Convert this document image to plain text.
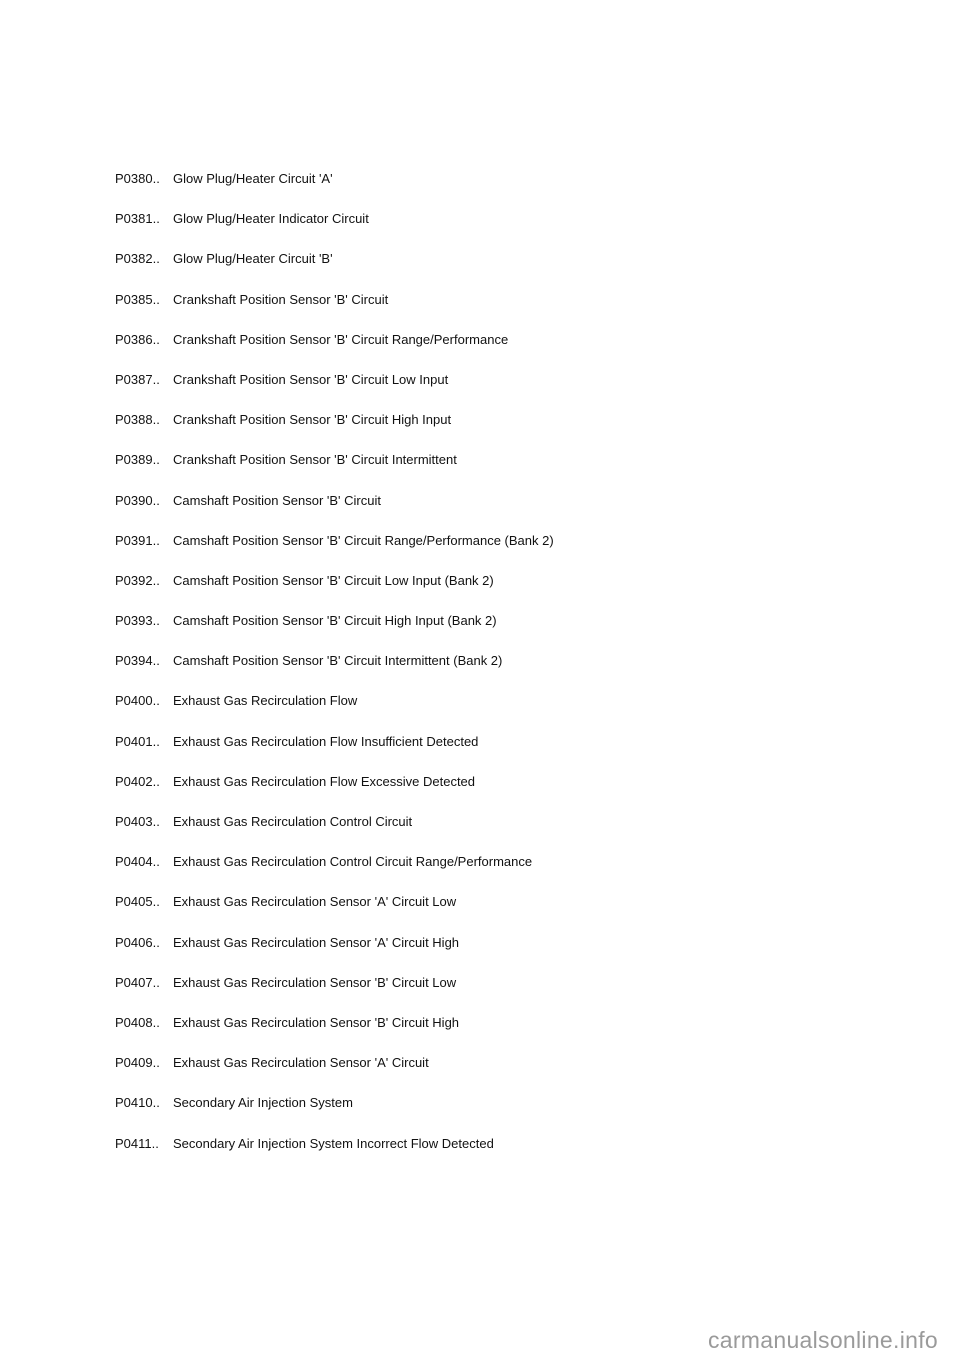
P0380..	Glow Plug/Heater Circuit 'A'
P0381..	Glow Plug/Heater Indicator Circuit
P0382..	Glow Plug/Heater Circuit 'B'
P0385..	Crankshaft Position Sensor 'B' Circuit
P0386..	Crankshaft Position Sensor 'B' Circuit Range/Performance
P0387..	Crankshaft Position Sensor 'B' Circuit Low Input
P0388..	Crankshaft Position Sensor 'B' Circuit High Input
P0389..	Crankshaft Position Sensor 'B' Circuit Intermittent
P0390..	Camshaft Position Sensor 'B' Circuit
P0391..	Camshaft Position Sensor 'B' Circuit Range/Performance (Bank 2)
P0392..	Camshaft Position Sensor 'B' Circuit Low Input (Bank 2)
P0393..	Camshaft Position Sensor 'B' Circuit High Input (Bank 2)
P0394..	Camshaft Position Sensor 'B' Circuit Intermittent (Bank 2)
P0400..	Exhaust Gas Recirculation Flow
P0401..	Exhaust Gas Recirculation Flow Insufficient Detected
P0402..	Exhaust Gas Recirculation Flow Excessive Detected
P0403..	Exhaust Gas Recirculation Control Circuit
P0404..	Exhaust Gas Recirculation Control Circuit Range/Performance
P0405..	Exhaust Gas Recirculation Sensor 'A' Circuit Low
P0406..	Exhaust Gas Recirculation Sensor 'A' Circuit High
P0407..	Exhaust Gas Recirculation Sensor 'B' Circuit Low
P0408..	Exhaust Gas Recirculation Sensor 'B' Circuit High
P0409..	Exhaust Gas Recirculation Sensor 'A' Circuit
P0410..	Secondary Air Injection System
P0411..	Secondary Air Injection System Incorrect Flow Detected
carmanualsonline.info
